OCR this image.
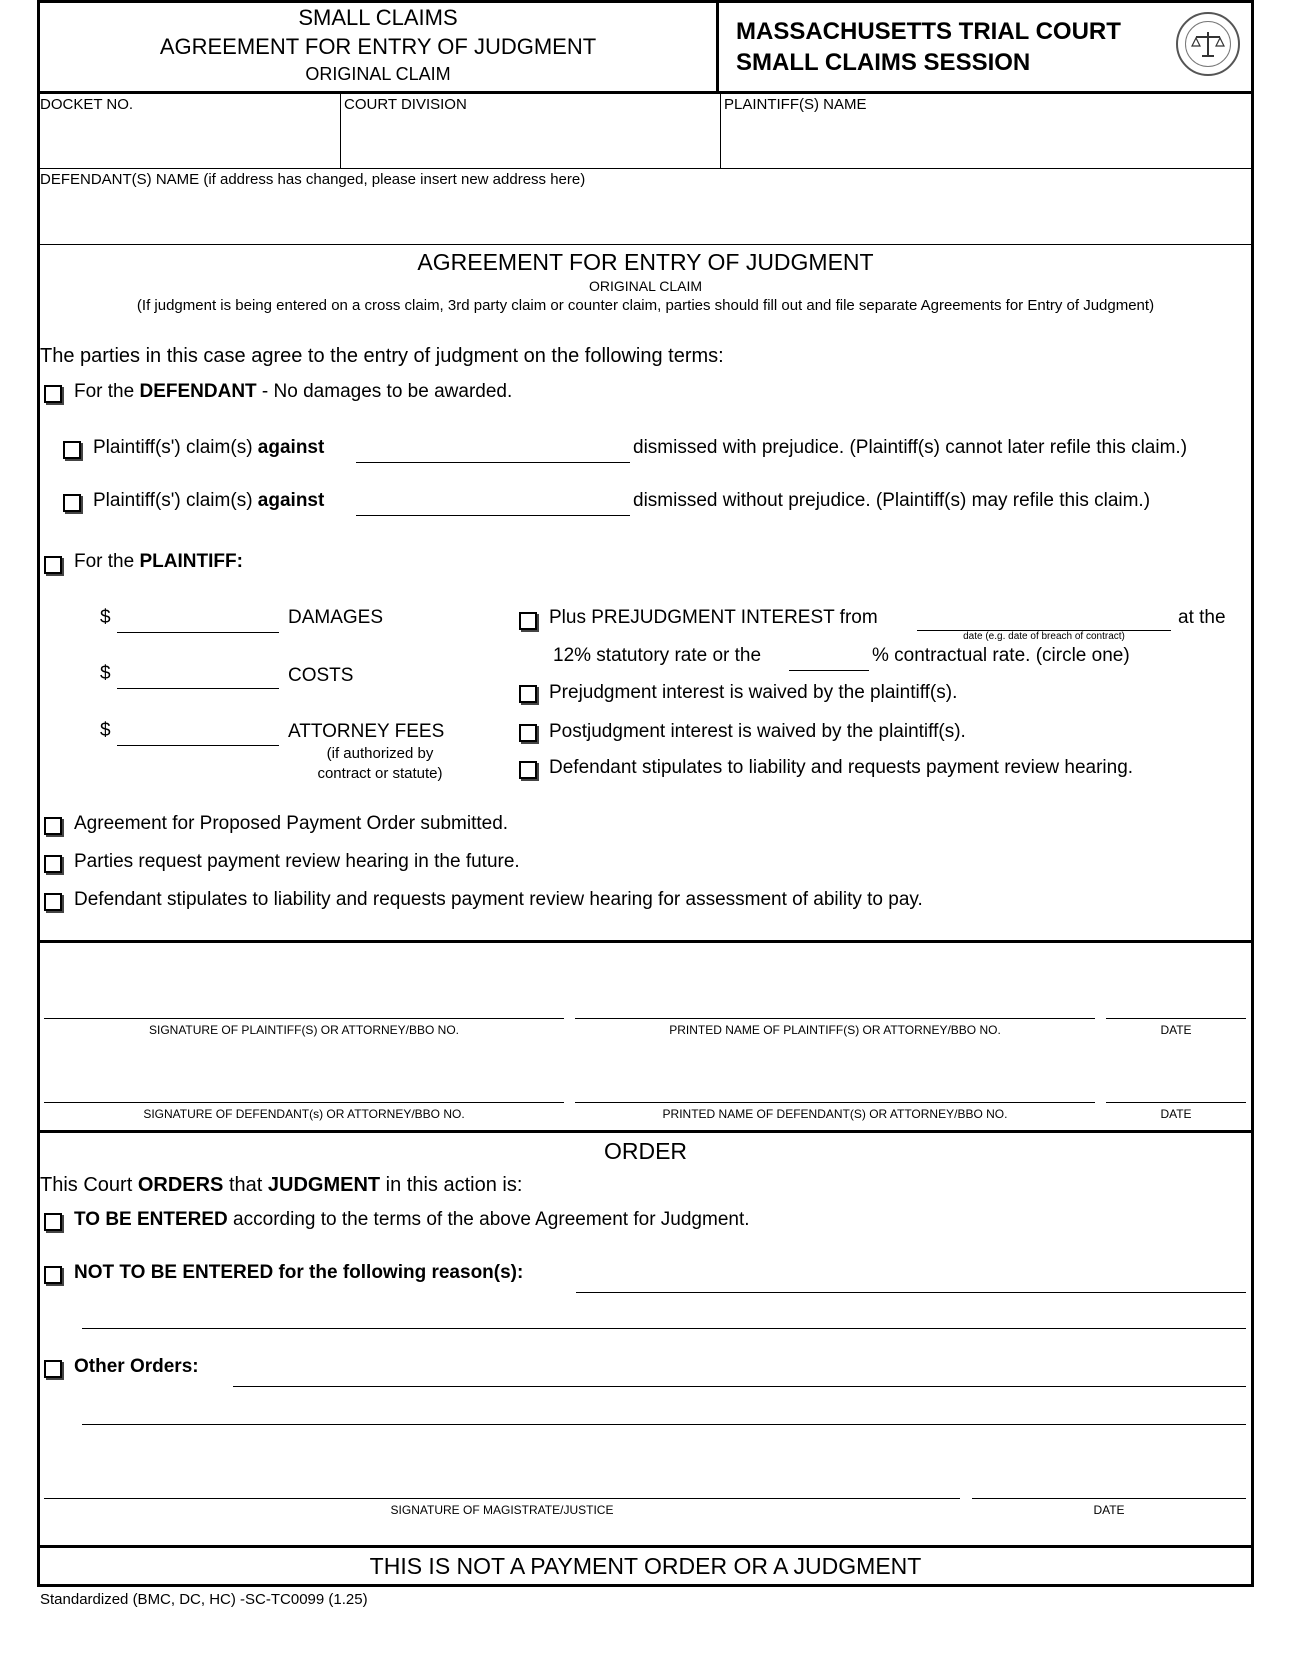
SMALL CLAIMS
AGREEMENT FOR ENTRY OF JUDGMENT
ORIGINAL CLAIM
MASSACHUSETTS TRIAL COURT
SMALL CLAIMS SESSION
DOCKET NO.	COURT DIVISION	PLAINTIFF(S) NAME
DEFENDANT(S) NAME (if address has changed, please insert new address here)
AGREEMENT FOR ENTRY OF JUDGMENT
ORIGINAL CLAIM
(If judgment is being entered on a cross claim, 3rd party claim or counter claim, parties should fill out and file separate Agreements for Entry of Judgment)
The parties in this case agree to the entry of judgment on the following terms:
For the DEFENDANT - No damages to be awarded.
Plaintiff(s') claim(s) against	dismissed with prejudice. (Plaintiff(s) cannot later refile this claim.)
Plaintiff(s') claim(s) against	dismissed without prejudice. (Plaintiff(s) may refile this claim.)
For the PLAINTIFF:
$	DAMAGES
$	COSTS
$	ATTORNEY FEES
(if authorized by
contract or statute)
Plus PREJUDGMENT INTEREST from
date (e.g. date of breach of contract)
at the
12% statutory rate or the	% contractual rate. (circle one)
Prejudgment interest is waived by the plaintiff(s).
Postjudgment interest is waived by the plaintiff(s).
Defendant stipulates to liability and requests payment review hearing.
Agreement for Proposed Payment Order submitted.
Parties request payment review hearing in the future.
Defendant stipulates to liability and requests payment review hearing for assessment of ability to pay.
SIGNATURE OF PLAINTIFF(S) OR ATTORNEY/BBO NO.	PRINTED NAME OF PLAINTIFF(S) OR ATTORNEY/BBO NO.	DATE
SIGNATURE OF DEFENDANT(s) OR ATTORNEY/BBO NO.	PRINTED NAME OF DEFENDANT(S) OR ATTORNEY/BBO NO.	DATE
ORDER
This Court ORDERS that JUDGMENT in this action is:
TO BE ENTERED according to the terms of the above Agreement for Judgment.
NOT TO BE ENTERED for the following reason(s):
Other Orders:
SIGNATURE OF MAGISTRATE/JUSTICE	DATE
THIS IS NOT A PAYMENT ORDER OR A JUDGMENT
Standardized (BMC, DC, HC) -SC-TC0099 (1.25)
